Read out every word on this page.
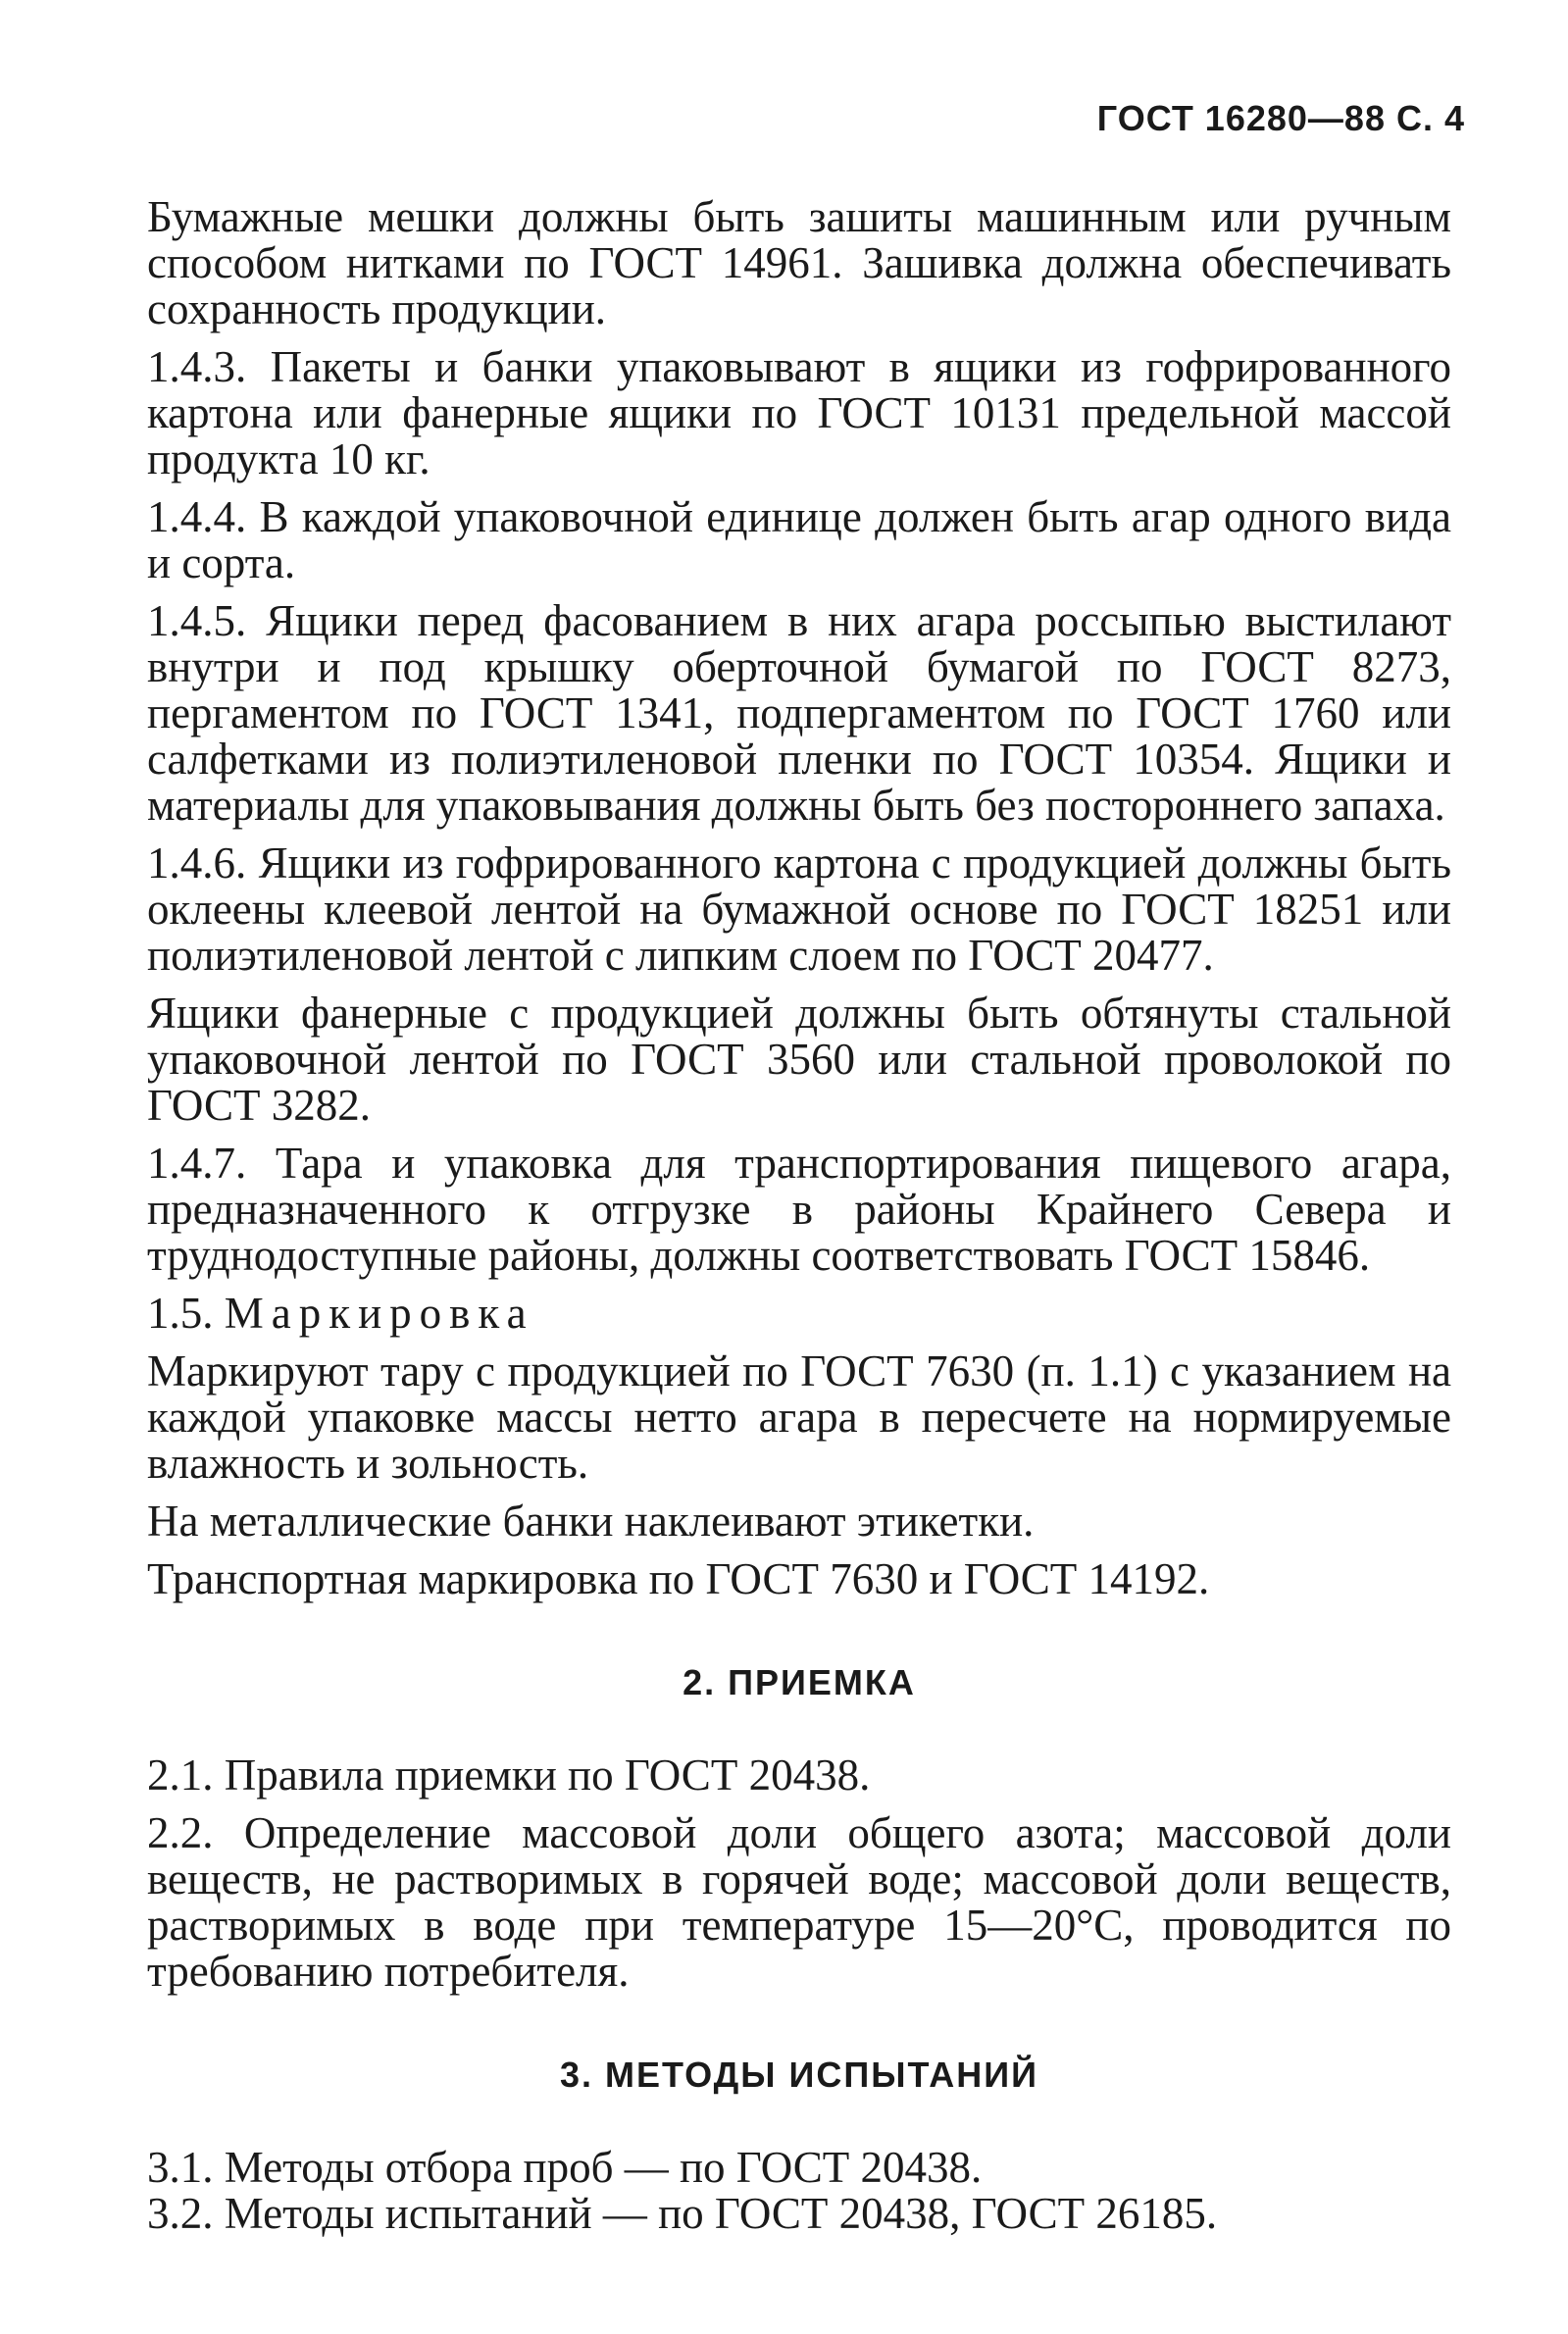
ГОСТ 16280—88 С. 4

Бумажные мешки должны быть зашиты машинным или ручным способом нитками по ГОСТ 14961. Зашивка должна обеспечивать сохранность продукции.

1.4.3. Пакеты и банки упаковывают в ящики из гофрированного картона или фанерные ящики по ГОСТ 10131 предельной массой продукта 10 кг.

1.4.4. В каждой упаковочной единице должен быть агар одного вида и сорта.

1.4.5. Ящики перед фасованием в них агара россыпью выстилают внутри и под крышку оберточной бумагой по ГОСТ 8273, пергаментом по ГОСТ 1341, подпергаментом по ГОСТ 1760 или салфетками из полиэтиленовой пленки по ГОСТ 10354. Ящики и материалы для упаковывания должны быть без постороннего запаха.

1.4.6. Ящики из гофрированного картона с продукцией должны быть оклеены клеевой лентой на бумажной основе по ГОСТ 18251 или полиэтиленовой лентой с липким слоем по ГОСТ 20477.

Ящики фанерные с продукцией должны быть обтянуты стальной упаковочной лентой по ГОСТ 3560 или стальной проволокой по ГОСТ 3282.

1.4.7. Тара и упаковка для транспортирования пищевого агара, предназначенного к отгрузке в районы Крайнего Севера и труднодоступные районы, должны соответствовать ГОСТ 15846.

1.5. Маркировка

Маркируют тару с продукцией по ГОСТ 7630 (п. 1.1) с указанием на каждой упаковке массы нетто агара в пересчете на нормируемые влажность и зольность.

На металлические банки наклеивают этикетки.

Транспортная маркировка по ГОСТ 7630 и ГОСТ 14192.

2. ПРИЕМКА

2.1. Правила приемки по ГОСТ 20438.

2.2. Определение массовой доли общего азота; массовой доли веществ, не растворимых в горячей воде; массовой доли веществ, растворимых в воде при температуре 15—20°С, проводится по требованию потребителя.

3. МЕТОДЫ ИСПЫТАНИЙ

3.1. Методы отбора проб — по ГОСТ 20438.

3.2. Методы испытаний — по ГОСТ 20438, ГОСТ 26185.
